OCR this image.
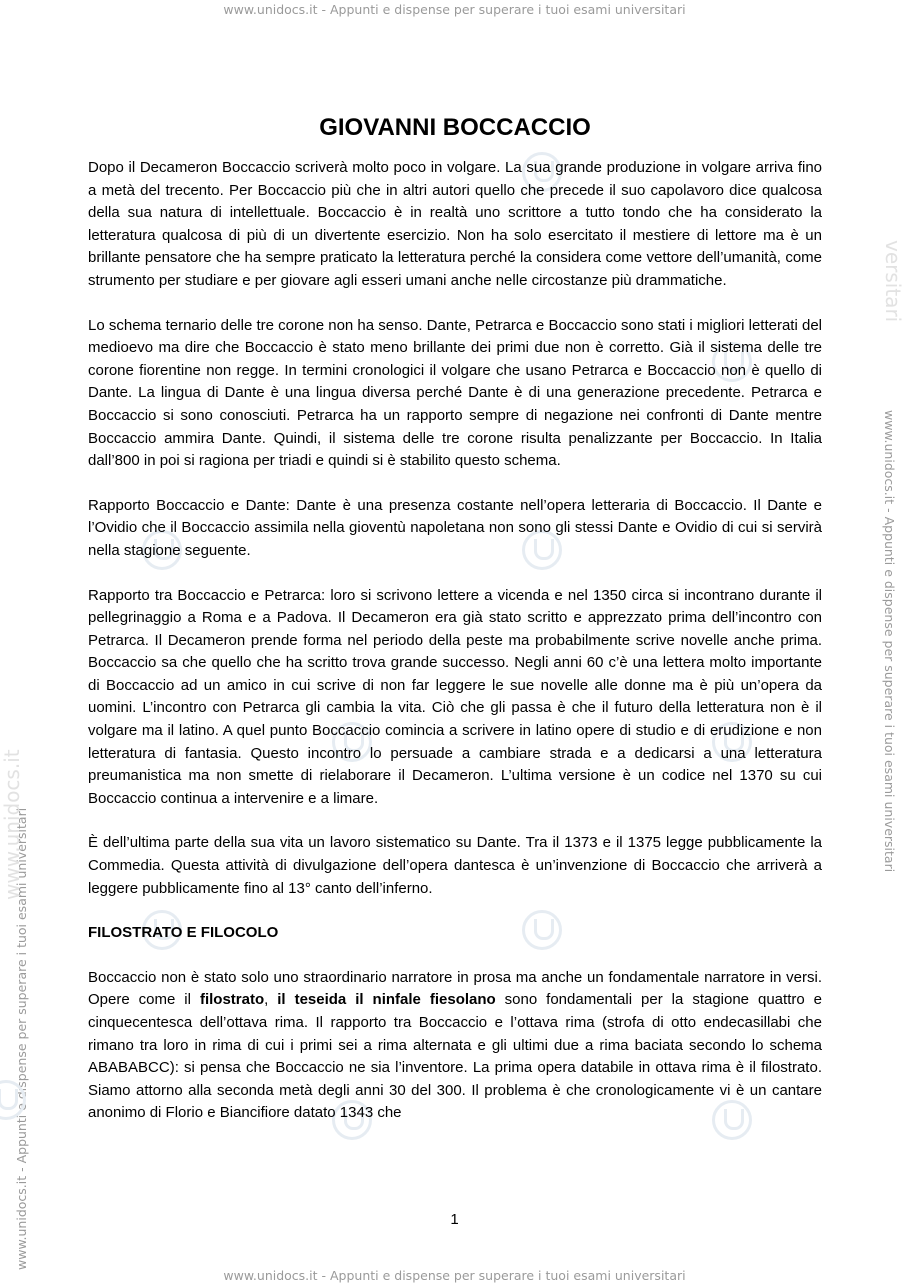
www.unidocs.it - Appunti e dispense per superare i tuoi esami universitari
www.unidocs.it - Appunti e dispense per superare i tuoi esami universitari
www.unidocs.it - Appunti e dispense per superare i tuoi esami universitari
www.unidocs.it - Appunti e dispense per superare i tuoi esami universitari
www.unidocs.it
versitari
GIOVANNI BOCCACCIO

Dopo il Decameron Boccaccio scriverà molto poco in volgare. La sua grande produzione in volgare arriva fino a metà del trecento. Per Boccaccio più che in altri autori quello che precede il suo capolavoro dice qualcosa della sua natura di intellettuale. Boccaccio è in realtà uno scrittore a tutto tondo che ha considerato la letteratura qualcosa di più di un divertente esercizio. Non ha solo esercitato il mestiere di lettore ma è un brillante pensatore che ha sempre praticato la letteratura perché la considera come vettore dell’umanità, come strumento per studiare e per giovare agli esseri umani anche nelle circostanze più drammatiche.

Lo schema ternario delle tre corone non ha senso. Dante, Petrarca e Boccaccio sono stati i migliori letterati del medioevo ma dire che Boccaccio è stato meno brillante dei primi due non è corretto. Già il sistema delle tre corone fiorentine non regge. In termini cronologici il volgare che usano Petrarca e Boccaccio non è quello di Dante. La lingua di Dante è una lingua diversa perché Dante è di una generazione precedente. Petrarca e Boccaccio si sono conosciuti. Petrarca ha un rapporto sempre di negazione nei confronti di Dante mentre Boccaccio ammira Dante. Quindi, il sistema delle tre corone risulta penalizzante per Boccaccio. In Italia dall’800 in poi si ragiona per triadi e quindi si è stabilito questo schema.

Rapporto Boccaccio e Dante: Dante è una presenza costante nell’opera letteraria di Boccaccio. Il Dante e l’Ovidio che il Boccaccio assimila nella gioventù napoletana non sono gli stessi Dante e Ovidio di cui si servirà nella stagione seguente.

Rapporto tra Boccaccio e Petrarca: loro si scrivono lettere a vicenda e nel 1350 circa si incontrano durante il pellegrinaggio a Roma e a Padova. Il Decameron era già stato scritto e apprezzato prima dell’incontro con Petrarca. Il Decameron prende forma nel periodo della peste ma probabilmente scrive novelle anche prima. Boccaccio sa che quello che ha scritto trova grande successo. Negli anni 60 c’è una lettera molto importante di Boccaccio ad un amico in cui scrive di non far leggere le sue novelle alle donne ma è più un’opera da uomini. L’incontro con Petrarca gli cambia la vita. Ciò che gli passa è che il futuro della letteratura non è il volgare ma il latino. A quel punto Boccaccio comincia a scrivere in latino opere di studio e di erudizione e non letteratura di fantasia. Questo incontro lo persuade a cambiare strada e a dedicarsi a una letteratura preumanistica ma non smette di rielaborare il Decameron. L’ultima versione è un codice nel 1370 su cui Boccaccio continua a intervenire e a limare.

È dell’ultima parte della sua vita un lavoro sistematico su Dante. Tra il 1373 e il 1375 legge pubblicamente la Commedia. Questa attività di divulgazione dell’opera dantesca è un’invenzione di Boccaccio che arriverà a leggere pubblicamente fino al 13° canto dell’inferno.

FILOSTRATO E FILOCOLO

Boccaccio non è stato solo uno straordinario narratore in prosa ma anche un fondamentale narratore in versi. Opere come il filostrato, il teseida il ninfale fiesolano sono fondamentali per la stagione quattro e cinquecentesca dell’ottava rima. Il rapporto tra Boccaccio e l’ottava rima (strofa di otto endecasillabi che rimano tra loro in rima di cui i primi sei a rima alternata e gli ultimi due a rima baciata secondo lo schema ABABABCC): si pensa che Boccaccio ne sia l’inventore. La prima opera databile in ottava rima è il filostrato. Siamo attorno alla seconda metà degli anni 30 del 300. Il problema è che cronologicamente vi è un cantare anonimo di Florio e Biancifiore datato 1343 che

1
